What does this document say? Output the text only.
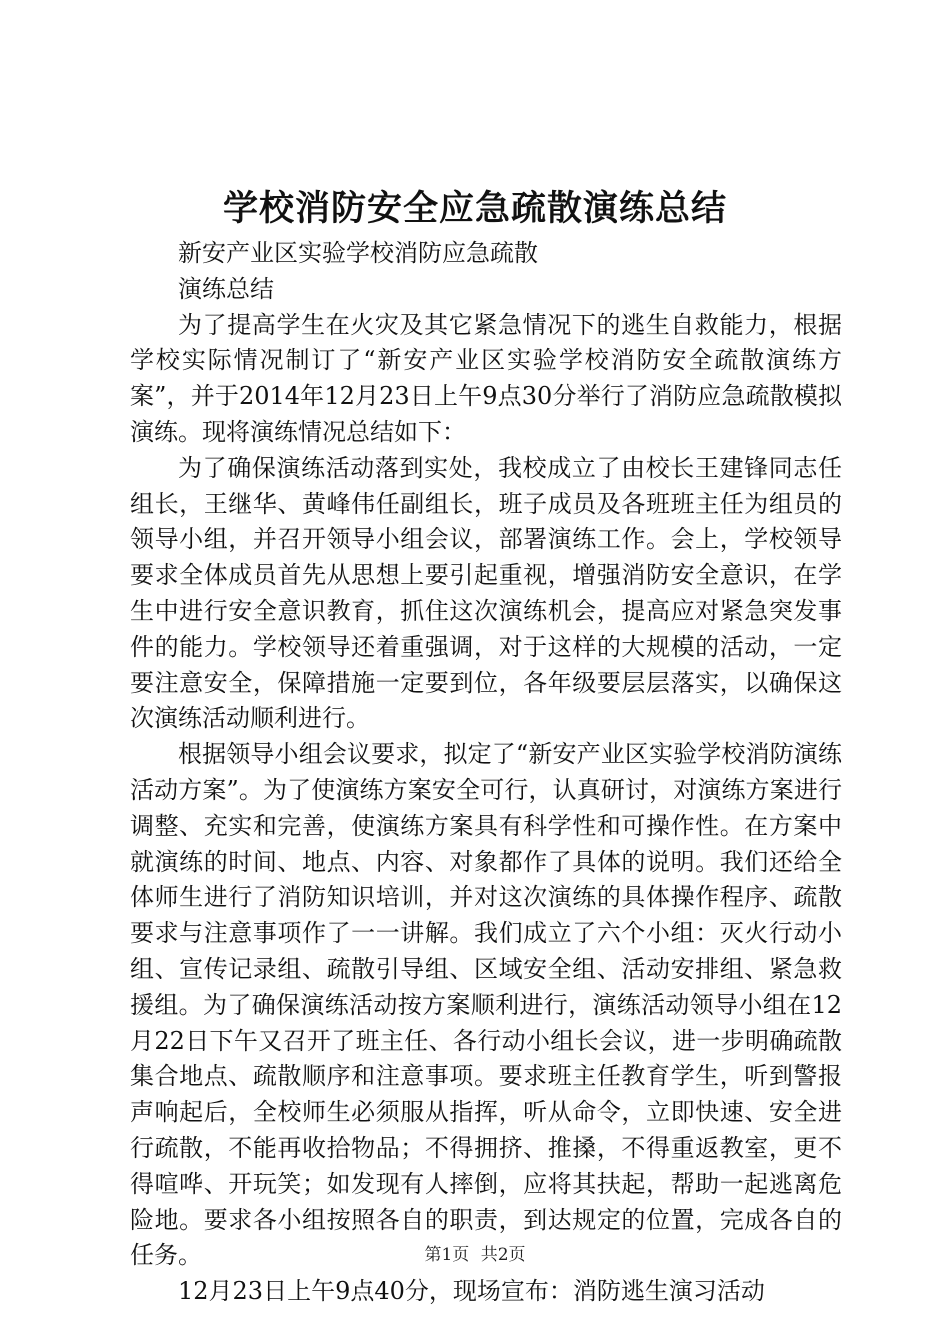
学校消防安全应急疏散演练总结

新安产业区实验学校消防应急疏散

演练总结

为了提高学生在火灾及其它紧急情况下的逃生自救能力，根据学校实际情况制订了“新安产业区实验学校消防安全疏散演练方案”，并于2014年12月23日上午9点30分举行了消防应急疏散模拟演练。现将演练情况总结如下：

为了确保演练活动落到实处，我校成立了由校长王建锋同志任组长，王继华、黄峰伟任副组长，班子成员及各班班主任为组员的领导小组，并召开领导小组会议，部署演练工作。会上，学校领导要求全体成员首先从思想上要引起重视，增强消防安全意识，在学生中进行安全意识教育，抓住这次演练机会，提高应对紧急突发事件的能力。学校领导还着重强调，对于这样的大规模的活动，一定要注意安全，保障措施一定要到位，各年级要层层落实，以确保这次演练活动顺利进行。

根据领导小组会议要求，拟定了“新安产业区实验学校消防演练活动方案”。为了使演练方案安全可行，认真研讨，对演练方案进行调整、充实和完善，使演练方案具有科学性和可操作性。在方案中就演练的时间、地点、内容、对象都作了具体的说明。我们还给全体师生进行了消防知识培训，并对这次演练的具体操作程序、疏散要求与注意事项作了一一讲解。我们成立了六个小组：灭火行动小组、宣传记录组、疏散引导组、区域安全组、活动安排组、紧急救援组。为了确保演练活动按方案顺利进行，演练活动领导小组在12月22日下午又召开了班主任、各行动小组长会议，进一步明确疏散集合地点、疏散顺序和注意事项。要求班主任教育学生，听到警报声响起后，全校师生必须服从指挥，听从命令，立即快速、安全进行疏散，不能再收拾物品；不得拥挤、推搡，不得重返教室，更不得喧哗、开玩笑；如发现有人摔倒，应将其扶起，帮助一起逃离危险地。要求各小组按照各自的职责，到达规定的位置，完成各自的任务。

12月23日上午9点40分，现场宣布：消防逃生演习活动

第1页 共2页
